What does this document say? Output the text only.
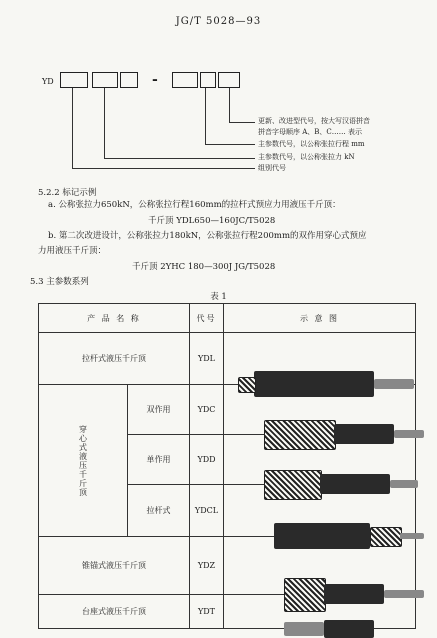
JG/T 5028—93
YD	-
更新、改进型代号，按大写汉语拼音
拼音字母顺序 A、B、C…… 表示
主参数代号，以公称张拉行程 mm
主参数代号，以公称张拉力 kN
组别代号
5.2.2 标记示例
a. 公称张拉力650kN，公称张拉行程160mm的拉杆式预应力用液压千斤顶：
千斤顶 YDL650—160JC/T5028
b. 第二次改进设计，公称张拉力180kN，公称张拉行程200mm的双作用穿心式预应
力用液压千斤顶：
千斤顶 2YHC 180—300J JG/T5028
5.3 主参数系列
表 1
产 品 名 称		代号	示 意 图
拉杆式液压千斤顶		YDL	

穿心式液压千斤顶	双作用	YDC	

	单作用	YDD	

	拉杆式	YDCL	

锥锚式液压千斤顶		YDZ	

台座式液压千斤顶		YDT	
